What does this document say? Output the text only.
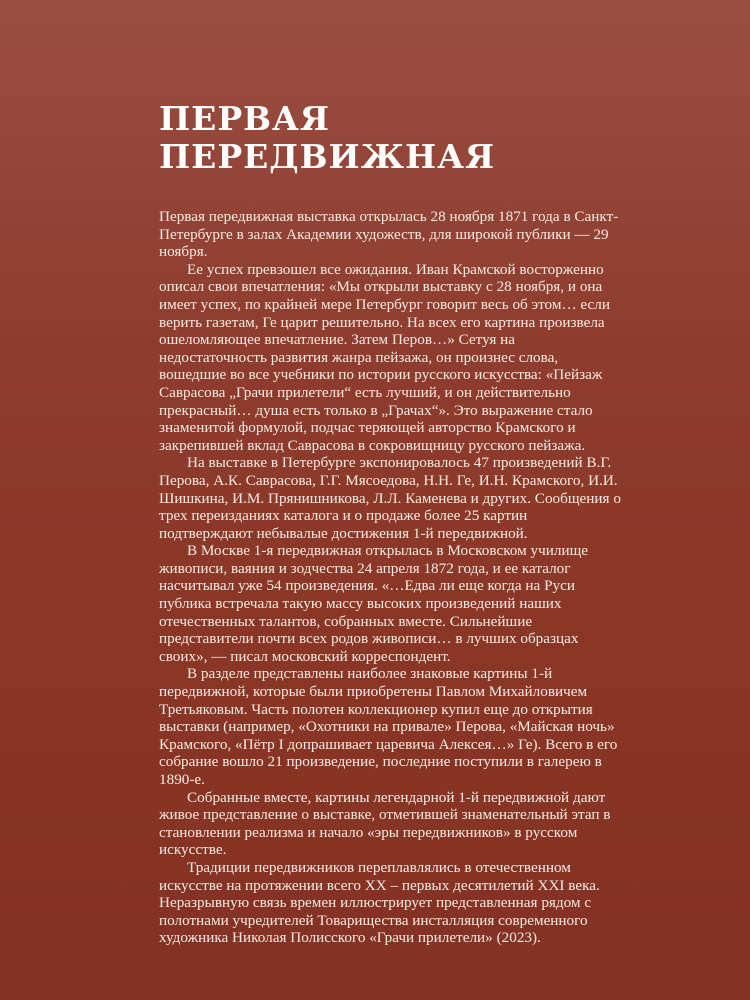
ПЕРВАЯ
ПЕРЕДВИЖНАЯ

Первая передвижная выставка открылась 28 ноября 1871 года в Санкт-Петербурге в залах Академии художеств, для широкой публики — 29 ноября.

Ее успех превзошел все ожидания. Иван Крамской восторженно описал свои впечатления: «Мы открыли выставку с 28 ноября, и она имеет успех, по крайней мере Петербург говорит весь об этом… если верить газетам, Ге царит решительно. На всех его картина произвела ошеломляющее впечатление. Затем Перов…» Сетуя на недостаточность развития жанра пейзажа, он произнес слова, вошедшие во все учебники по истории русского искусства: «Пейзаж Саврасова „Грачи прилетели“ есть лучший, и он действительно прекрасный… душа есть только в „Грачах“». Это выражение стало знаменитой формулой, подчас теряющей авторство Крамского и закрепившей вклад Саврасова в сокровищницу русского пейзажа.

На выставке в Петербурге экспонировалось 47 произведений В.Г. Перова, А.К. Саврасова, Г.Г. Мясоедова, Н.Н. Ге, И.Н. Крамского, И.И. Шишкина, И.М. Прянишникова, Л.Л. Каменева и других. Сообщения о трех переизданиях каталога и о продаже более 25 картин подтверждают небывалые достижения 1-й передвижной.

В Москве 1-я передвижная открылась в Московском училище живописи, ваяния и зодчества 24 апреля 1872 года, и ее каталог насчитывал уже 54 произведения. «…Едва ли еще когда на Руси публика встречала такую массу высоких произведений наших отечественных талантов, собранных вместе. Сильнейшие представители почти всех родов живописи… в лучших образцах своих», — писал московский корреспондент.

В разделе представлены наиболее знаковые картины 1-й передвижной, которые были приобретены Павлом Михайловичем Третьяковым. Часть полотен коллекционер купил еще до открытия выставки (например, «Охотники на привале» Перова, «Майская ночь» Крамского, «Пётр I допрашивает царевича Алексея…» Ге). Всего в его собрание вошло 21 произведение, последние поступили в галерею в 1890-е.

Собранные вместе, картины легендарной 1-й передвижной дают живое представление о выставке, отметившей знаменательный этап в становлении реализма и начало «эры передвижников» в русском искусстве.

Традиции передвижников переплавлялись в отечественном искусстве на протяжении всего XX – первых десятилетий XXI века. Неразрывную связь времен иллюстрирует представленная рядом с полотнами учредителей Товарищества инсталляция современного художника Николая Полисского «Грачи прилетели» (2023).
